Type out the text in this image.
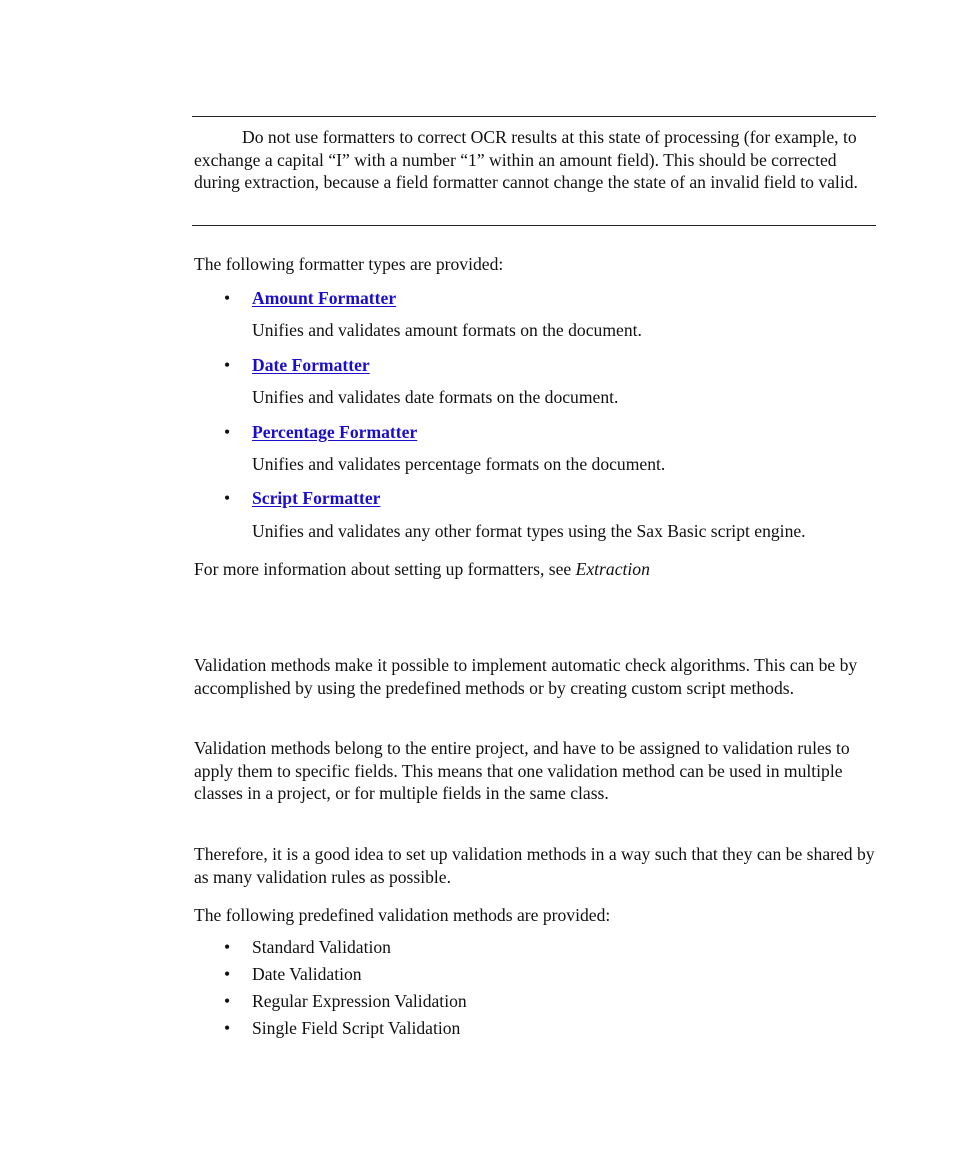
Do not use formatters to correct OCR results at this state of processing (for example, to exchange a capital “I” with a number “1” within an amount field). This should be corrected during extraction, because a field formatter cannot change the state of an invalid field to valid.

The following formatter types are provided:

•	Amount Formatter
Unifies and validates amount formats on the document.
•	Date Formatter
Unifies and validates date formats on the document.
•	Percentage Formatter
Unifies and validates percentage formats on the document.
•	Script Formatter
Unifies and validates any other format types using the Sax Basic script engine.

For more information about setting up formatters, see Extraction

Validation methods make it possible to implement automatic check algorithms. This can be by accomplished by using the predefined methods or by creating custom script methods.

Validation methods belong to the entire project, and have to be assigned to validation rules to apply them to specific fields. This means that one validation method can be used in multiple classes in a project, or for multiple fields in the same class.

Therefore, it is a good idea to set up validation methods in a way such that they can be shared by as many validation rules as possible.

The following predefined validation methods are provided:

•	Standard Validation
•	Date Validation
•	Regular Expression Validation
•	Single Field Script Validation
